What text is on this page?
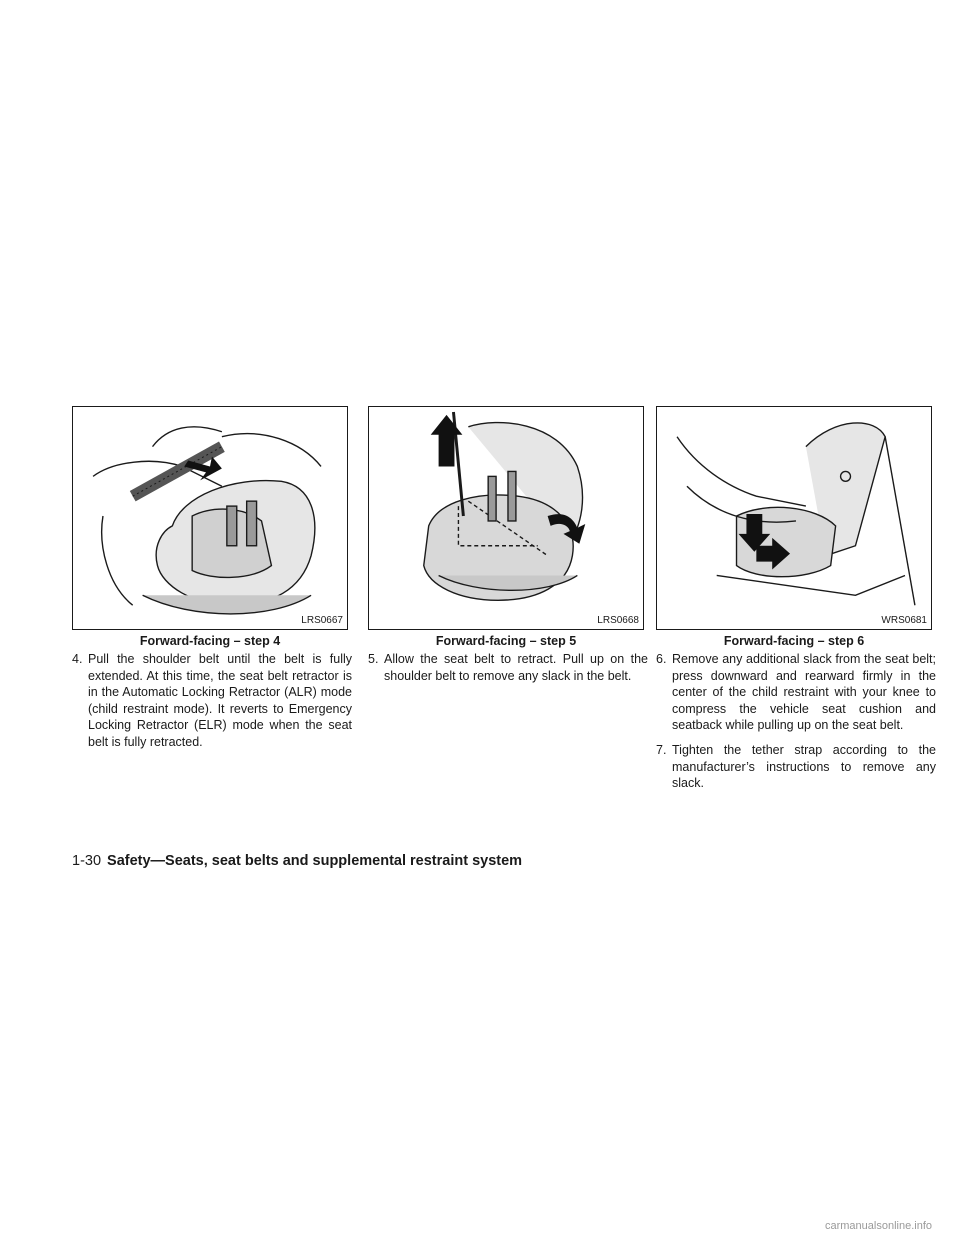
LRS0667
Forward-facing – step 4
LRS0668
Forward-facing – step 5
WRS0681
Forward-facing – step 6
4. Pull the shoulder belt until the belt is fully extended. At this time, the seat belt retractor is in the Automatic Locking Retractor (ALR) mode (child restraint mode). It reverts to Emergency Locking Retractor (ELR) mode when the seat belt is fully retracted.

5. Allow the seat belt to retract. Pull up on the shoulder belt to remove any slack in the belt.

6. Remove any additional slack from the seat belt; press downward and rearward firmly in the center of the child restraint with your knee to compress the vehicle seat cushion and seatback while pulling up on the seat belt.

7. Tighten the tether strap according to the manufacturer’s instructions to remove any slack.

1-30 Safety—Seats, seat belts and supplemental restraint system
carmanualsonline.info
